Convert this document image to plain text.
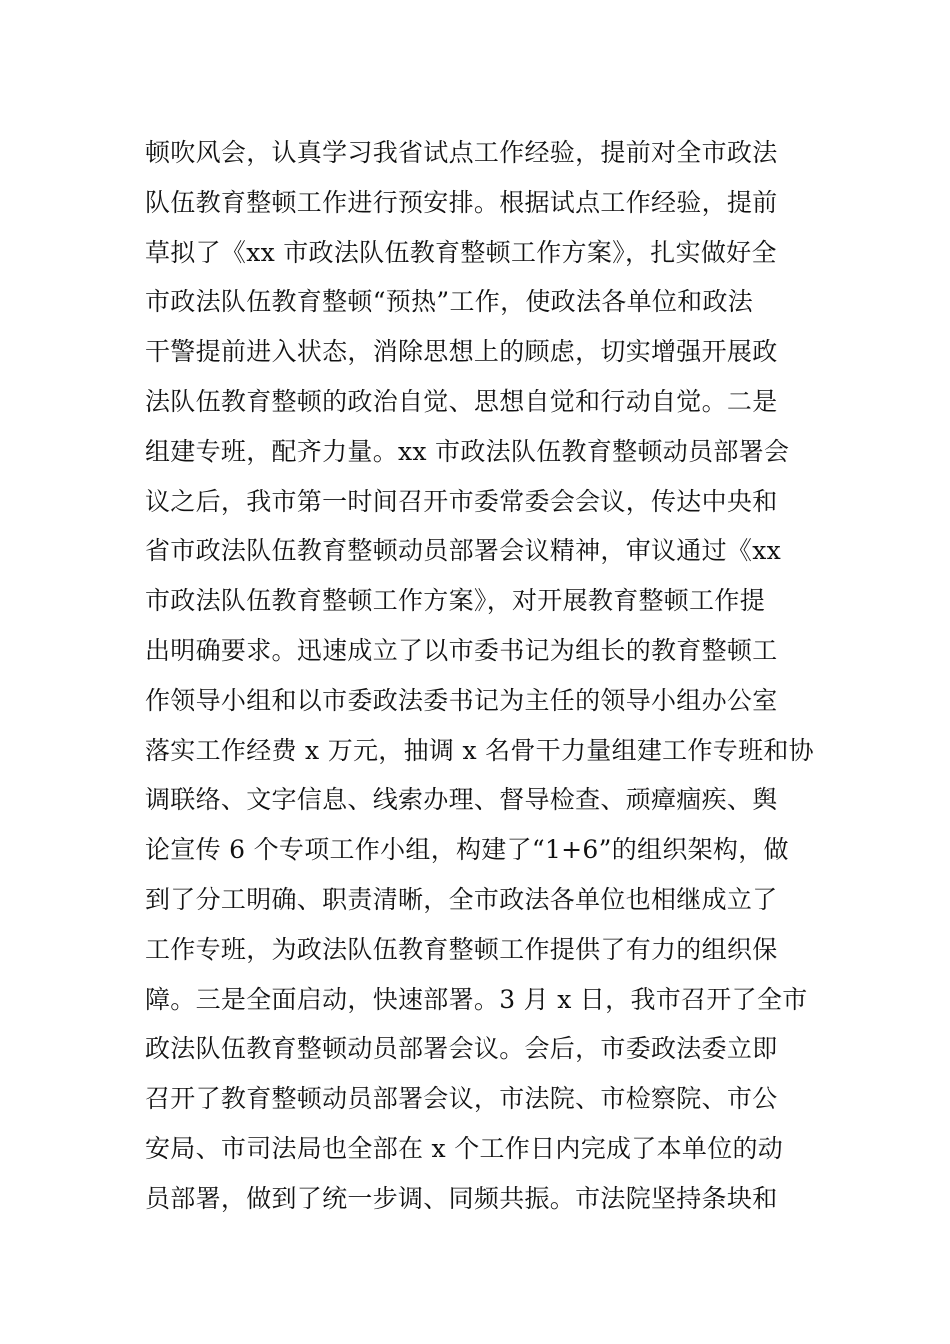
顿吹风会，认真学习我省试点工作经验，提前对全市政法
队伍教育整顿工作进行预安排。根据试点工作经验，提前
草拟了《xx 市政法队伍教育整顿工作方案》，扎实做好全
市政法队伍教育整顿“预热”工作，使政法各单位和政法
干警提前进入状态，消除思想上的顾虑，切实增强开展政
法队伍教育整顿的政治自觉、思想自觉和行动自觉。二是
组建专班，配齐力量。xx 市政法队伍教育整顿动员部署会
议之后，我市第一时间召开市委常委会会议，传达中央和
省市政法队伍教育整顿动员部署会议精神，审议通过《xx
市政法队伍教育整顿工作方案》，对开展教育整顿工作提
出明确要求。迅速成立了以市委书记为组长的教育整顿工
作领导小组和以市委政法委书记为主任的领导小组办公室
落实工作经费 x 万元，抽调 x 名骨干力量组建工作专班和协
调联络、文字信息、线索办理、督导检查、顽瘴痼疾、舆
论宣传 6 个专项工作小组，构建了“1+6”的组织架构，做
到了分工明确、职责清晰，全市政法各单位也相继成立了
工作专班，为政法队伍教育整顿工作提供了有力的组织保
障。三是全面启动，快速部署。3 月 x 日，我市召开了全市
政法队伍教育整顿动员部署会议。会后，市委政法委立即
召开了教育整顿动员部署会议，市法院、市检察院、市公
安局、市司法局也全部在 x 个工作日内完成了本单位的动
员部署，做到了统一步调、同频共振。市法院坚持条块和
